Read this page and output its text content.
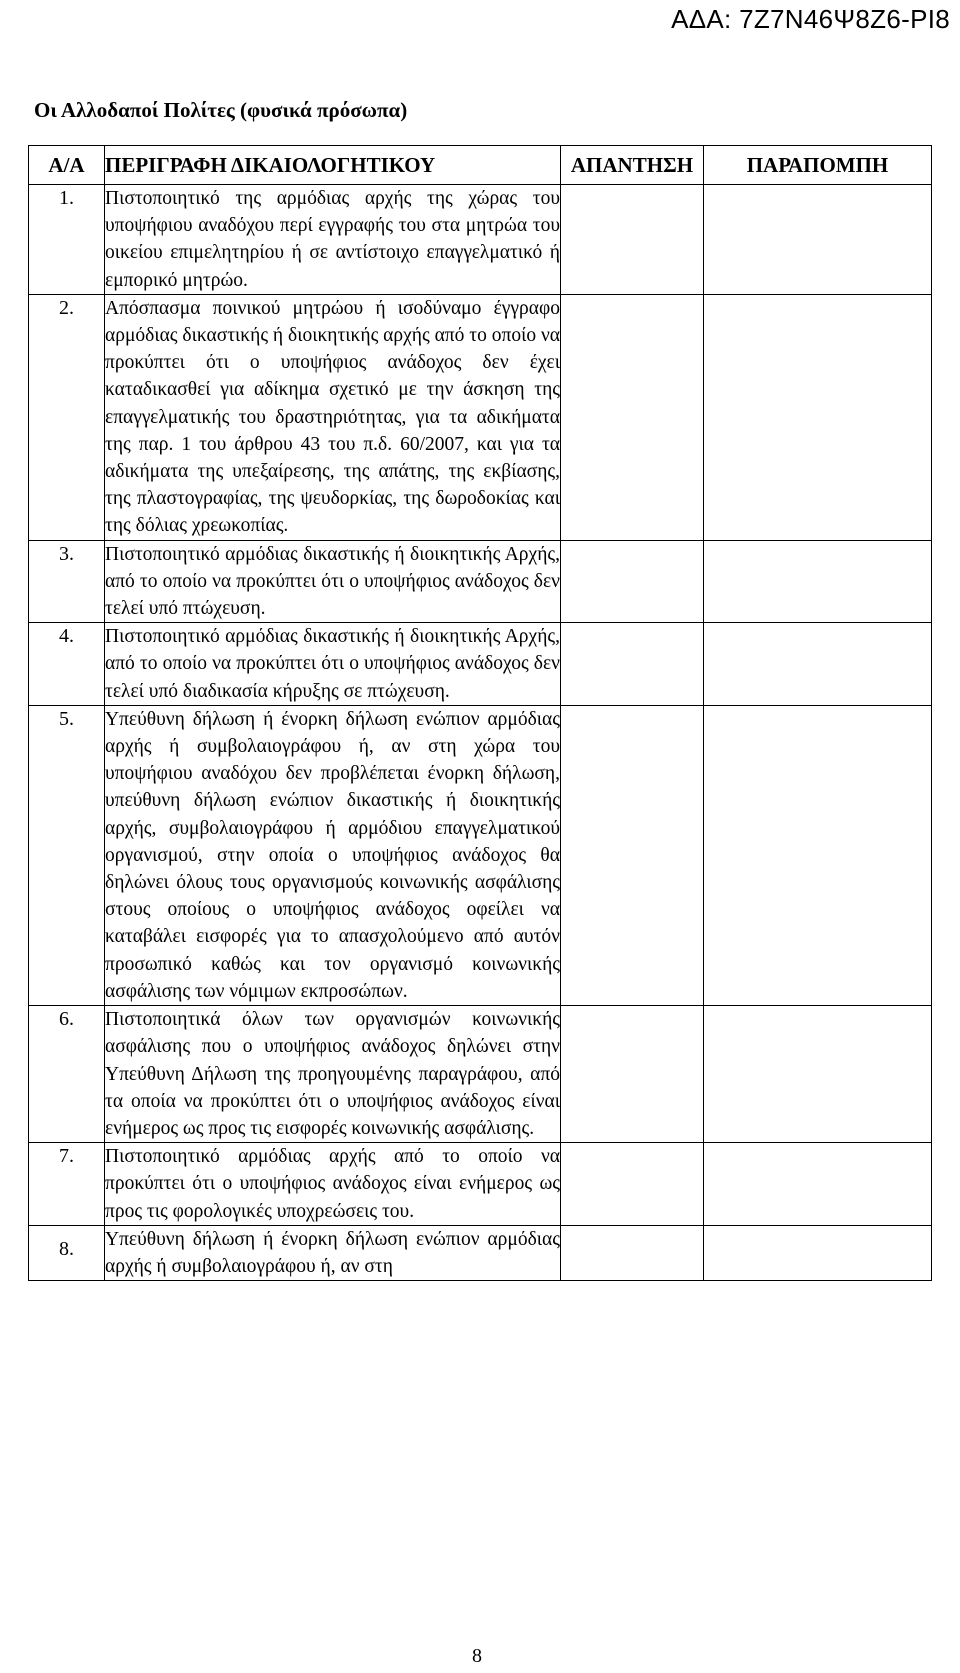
ΑΔΑ: 7Ζ7Ν46Ψ8Ζ6-ΡΙ8
Οι Αλλοδαποί Πολίτες (φυσικά πρόσωπα)
Α/Α	ΠΕΡΙΓΡΑΦΗ ΔΙΚΑΙΟΛΟΓΗΤΙΚΟΥ	ΑΠΑΝΤΗΣΗ	ΠΑΡΑΠΟΜΠΗ
1.	Πιστοποιητικό της αρμόδιας αρχής της χώρας του υποψήφιου αναδόχου περί εγγραφής του στα μητρώα του οικείου επιμελητηρίου ή σε αντίστοιχο επαγγελματικό ή εμπορικό μητρώο.		
2.	Απόσπασμα ποινικού μητρώου ή ισοδύναμο έγγραφο αρμόδιας δικαστικής ή διοικητικής αρχής από το οποίο να προκύπτει ότι ο υποψήφιος ανάδοχος δεν έχει καταδικασθεί για αδίκημα σχετικό με την άσκηση της επαγγελματικής του δραστηριότητας, για τα αδικήματα της παρ. 1 του άρθρου 43 του π.δ. 60/2007, και για τα αδικήματα της υπεξαίρεσης, της απάτης, της εκβίασης, της πλαστογραφίας, της ψευδορκίας, της δωροδοκίας και της δόλιας χρεωκοπίας.		
3.	Πιστοποιητικό αρμόδιας δικαστικής ή διοικητικής Αρχής, από το οποίο να προκύπτει ότι ο υποψήφιος ανάδοχος δεν τελεί υπό πτώχευση.		
4.	Πιστοποιητικό αρμόδιας δικαστικής ή διοικητικής Αρχής, από το οποίο να προκύπτει ότι ο υποψήφιος ανάδοχος δεν τελεί υπό διαδικασία κήρυξης σε πτώχευση.		
5.	Υπεύθυνη δήλωση ή ένορκη δήλωση ενώπιον αρμόδιας αρχής ή συμβολαιογράφου ή, αν στη χώρα του υποψήφιου αναδόχου δεν προβλέπεται ένορκη δήλωση, υπεύθυνη δήλωση ενώπιον δικαστικής ή διοικητικής αρχής, συμβολαιογράφου ή αρμόδιου επαγγελματικού οργανισμού, στην οποία ο υποψήφιος ανάδοχος θα δηλώνει όλους τους οργανισμούς κοινωνικής ασφάλισης στους οποίους ο υποψήφιος ανάδοχος οφείλει να καταβάλει εισφορές για το απασχολούμενο από αυτόν προσωπικό καθώς και τον οργανισμό κοινωνικής ασφάλισης των νόμιμων εκπροσώπων.		
6.	Πιστοποιητικά όλων των οργανισμών κοινωνικής ασφάλισης που ο υποψήφιος ανάδοχος δηλώνει στην Υπεύθυνη Δήλωση της προηγουμένης παραγράφου, από τα οποία να προκύπτει ότι ο υποψήφιος ανάδοχος είναι ενήμερος ως προς τις εισφορές κοινωνικής ασφάλισης.		
7.	Πιστοποιητικό αρμόδιας αρχής από το οποίο να προκύπτει ότι ο υποψήφιος ανάδοχος είναι ενήμερος ως προς τις φορολογικές υποχρεώσεις του.		
8.	Υπεύθυνη δήλωση ή ένορκη δήλωση ενώπιον αρμόδιας αρχής ή συμβολαιογράφου ή, αν στη		
8
